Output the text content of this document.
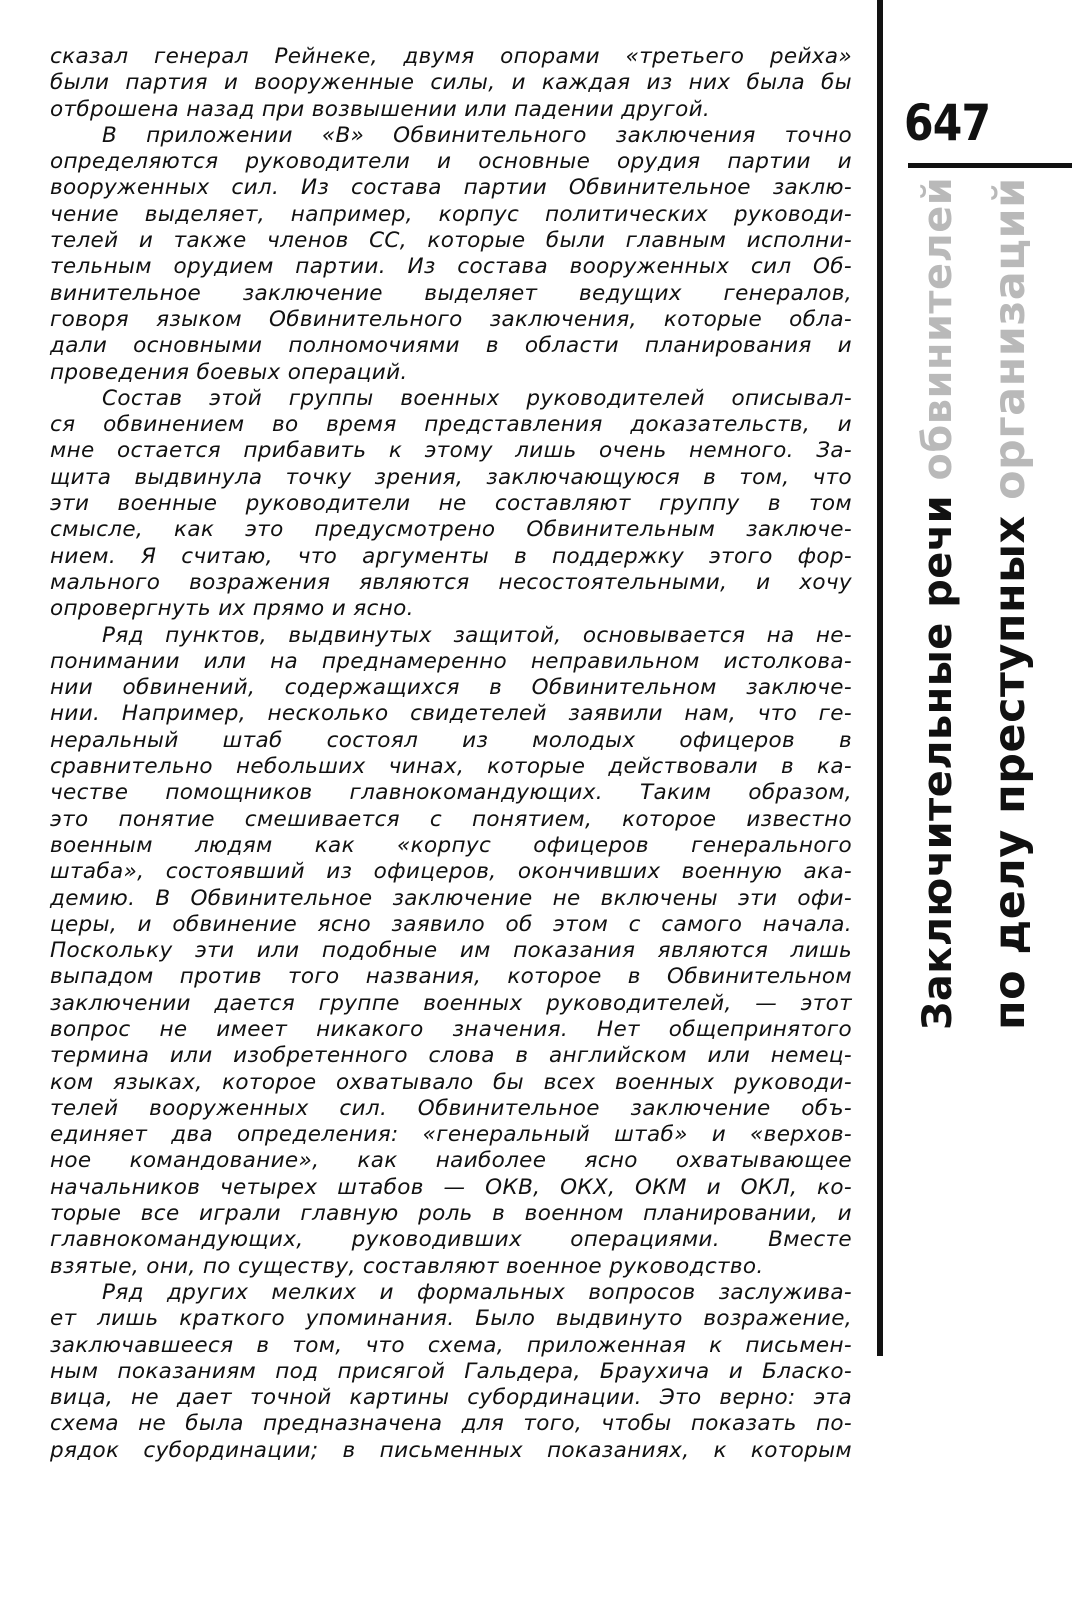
сказал генерал Рейнеке, двумя опорами «третьего рейха»
были партия и вооруженные силы, и каждая из них была бы
отброшена назад при возвышении или падении другой.
В приложении «В» Обвинительного заключения точно
определяются руководители и основные орудия партии и
вооруженных сил. Из состава партии Обвинительное заклю-
чение выделяет, например, корпус политических руководи-
телей и также членов СС, которые были главным исполни-
тельным орудием партии. Из состава вооруженных сил Об-
винительное заключение выделяет ведущих генералов,
говоря языком Обвинительного заключения, которые обла-
дали основными полномочиями в области планирования и
проведения боевых операций.
Состав этой группы военных руководителей описывал-
ся обвинением во время представления доказательств, и
мне остается прибавить к этому лишь очень немного. За-
щита выдвинула точку зрения, заключающуюся в том, что
эти военные руководители не составляют группу в том
смысле, как это предусмотрено Обвинительным заключе-
нием. Я считаю, что аргументы в поддержку этого фор-
мального возражения являются несостоятельными, и хочу
опровергнуть их прямо и ясно.
Ряд пунктов, выдвинутых защитой, основывается на не-
понимании или на преднамеренно неправильном истолкова-
нии обвинений, содержащихся в Обвинительном заключе-
нии. Например, несколько свидетелей заявили нам, что ге-
неральный штаб состоял из молодых офицеров в
сравнительно небольших чинах, которые действовали в ка-
честве помощников главнокомандующих. Таким образом,
это понятие смешивается с понятием, которое известно
военным людям как «корпус офицеров генерального
штаба», состоявший из офицеров, окончивших военную ака-
демию. В Обвинительное заключение не включены эти офи-
церы, и обвинение ясно заявило об этом с самого начала.
Поскольку эти или подобные им показания являются лишь
выпадом против того названия, которое в Обвинительном
заключении дается группе военных руководителей, — этот
вопрос не имеет никакого значения. Нет общепринятого
термина или изобретенного слова в английском или немец-
ком языках, которое охватывало бы всех военных руководи-
телей вооруженных сил. Обвинительное заключение объ-
единяет два определения: «генеральный штаб» и «верхов-
ное командование», как наиболее ясно охватывающее
начальников четырех штабов — ОКВ, ОКХ, ОКМ и ОКЛ, ко-
торые все играли главную роль в военном планировании, и
главнокомандующих, руководивших операциями. Вместе
взятые, они, по существу, составляют военное руководство.
Ряд других мелких и формальных вопросов заслужива-
ет лишь краткого упоминания. Было выдвинуто возражение,
заключавшееся в том, что схема, приложенная к письмен-
ным показаниям под присягой Гальдера, Браухича и Бласко-
вица, не дает точной картины субординации. Это верно: эта
схема не была предназначена для того, чтобы показать по-
рядок субординации; в письменных показаниях, к которым
647
Заключительные речи обвинителей
по делу преступных организаций
